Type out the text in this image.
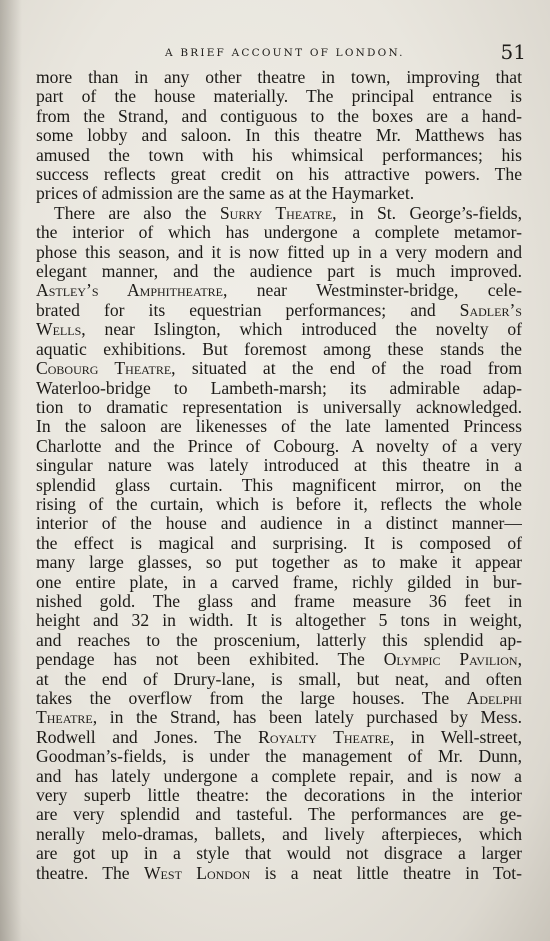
A BRIEF ACCOUNT OF LONDON.	51
more than in any other theatre in town, improving that
part of the house materially. The principal entrance is
from the Strand, and contiguous to the boxes are a hand-
some lobby and saloon. In this theatre Mr. Matthews has
amused the town with his whimsical performances; his
success reflects great credit on his attractive powers. The
prices of admission are the same as at the Haymarket.
There are also the Surry Theatre, in St. George’s-fields,
the interior of which has undergone a complete metamor-
phose this season, and it is now fitted up in a very modern and
elegant manner, and the audience part is much improved.
Astley’s Amphitheatre, near Westminster-bridge, cele-
brated for its equestrian performances; and Sadler’s
Wells, near Islington, which introduced the novelty of
aquatic exhibitions. But foremost among these stands the
Cobourg Theatre, situated at the end of the road from
Waterloo-bridge to Lambeth-marsh; its admirable adap-
tion to dramatic representation is universally acknowledged.
In the saloon are likenesses of the late lamented Princess
Charlotte and the Prince of Cobourg. A novelty of a very
singular nature was lately introduced at this theatre in a
splendid glass curtain. This magnificent mirror, on the
rising of the curtain, which is before it, reflects the whole
interior of the house and audience in a distinct manner—
the effect is magical and surprising. It is composed of
many large glasses, so put together as to make it appear
one entire plate, in a carved frame, richly gilded in bur-
nished gold. The glass and frame measure 36 feet in
height and 32 in width. It is altogether 5 tons in weight,
and reaches to the proscenium, latterly this splendid ap-
pendage has not been exhibited. The Olympic Pavilion,
at the end of Drury-lane, is small, but neat, and often
takes the overflow from the large houses. The Adelphi
Theatre, in the Strand, has been lately purchased by Mess.
Rodwell and Jones. The Royalty Theatre, in Well-street,
Goodman’s-fields, is under the management of Mr. Dunn,
and has lately undergone a complete repair, and is now a
very superb little theatre: the decorations in the interior
are very splendid and tasteful. The performances are ge-
nerally melo-dramas, ballets, and lively afterpieces, which
are got up in a style that would not disgrace a larger
theatre. The West London is a neat little theatre in Tot-
